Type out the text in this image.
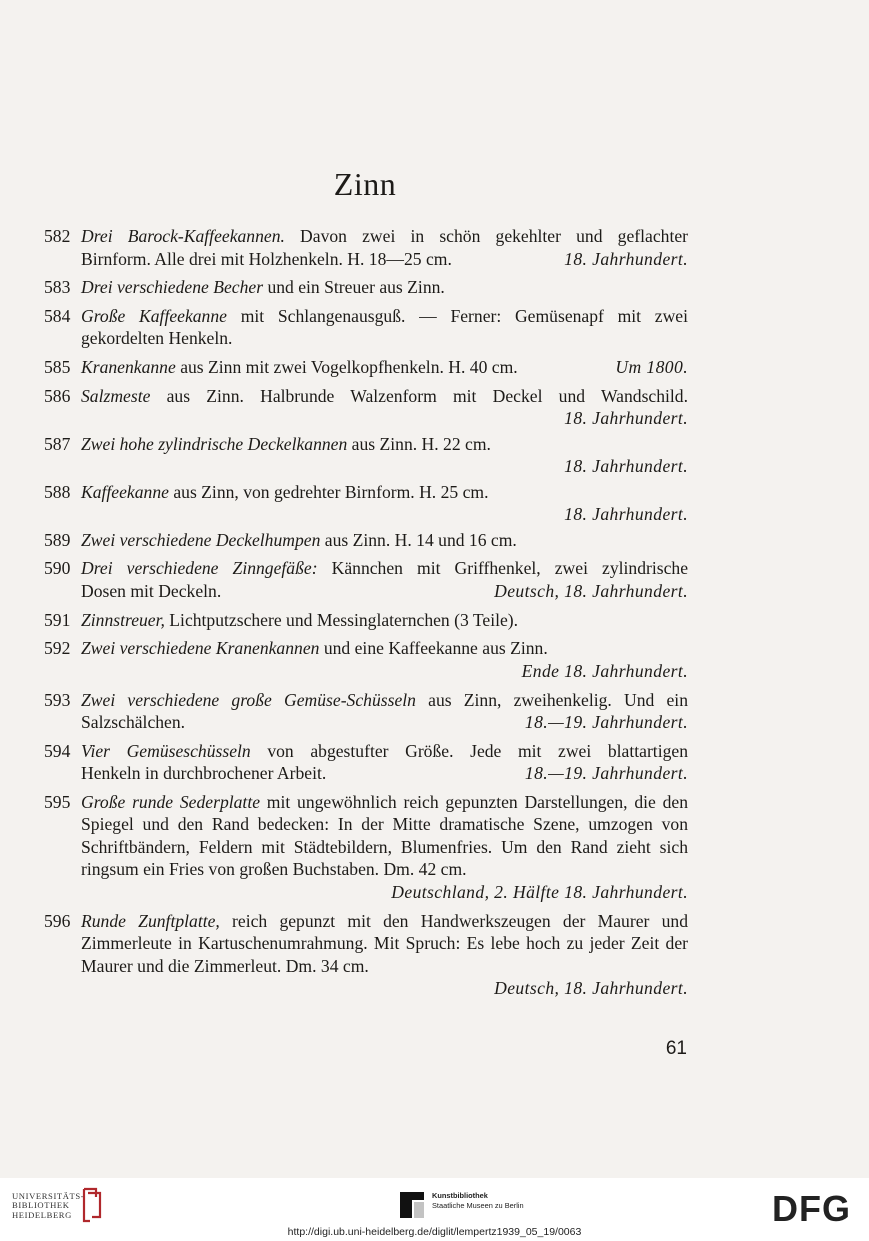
Zinn
582 Drei Barock-Kaffeekannen. Davon zwei in schön gekehlter und geflachter
Birnform. Alle drei mit Holzhenkeln. H. 18—25 cm.	18. Jahrhundert.
583 Drei verschiedene Becher und ein Streuer aus Zinn.
584 Große Kaffeekanne mit Schlangenausguß. — Ferner: Gemüsenapf mit zwei
gekordelten Henkeln.
585 Kranenkanne aus Zinn mit zwei Vogelkopfhenkeln. H. 40 cm.	Um 1800.
586 Salzmeste aus Zinn. Halbrunde Walzenform mit Deckel und Wandschild.
18. Jahrhundert.
587 Zwei hohe zylindrische Deckelkannen aus Zinn. H. 22 cm.
18. Jahrhundert.
588 Kaffeekanne aus Zinn, von gedrehter Birnform. H. 25 cm.
18. Jahrhundert.
589 Zwei verschiedene Deckelhumpen aus Zinn. H. 14 und 16 cm.
590 Drei verschiedene Zinngefäße: Kännchen mit Griffhenkel, zwei zylindrische
Dosen mit Deckeln.	Deutsch, 18. Jahrhundert.
591 Zinnstreuer, Lichtputzschere und Messinglaternchen (3 Teile).
592 Zwei verschiedene Kranenkannen und eine Kaffeekanne aus Zinn.
Ende 18. Jahrhundert.
593 Zwei verschiedene große Gemüse-Schüsseln aus Zinn, zweihenkelig. Und ein
Salzschälchen.	18.—19. Jahrhundert.
594 Vier Gemüseschüsseln von abgestufter Größe. Jede mit zwei blattartigen
Henkeln in durchbrochener Arbeit.	18.—19. Jahrhundert.
595 Große runde Sederplatte mit ungewöhnlich reich gepunzten Darstellungen, die den Spiegel und den Rand bedecken: In der Mitte dramatische Szene, umzogen von Schriftbändern, Feldern mit Städtebildern, Blumenfries. Um den Rand zieht sich ringsum ein Fries von großen Buchstaben. Dm. 42 cm.
Deutschland, 2. Hälfte 18. Jahrhundert.
596 Runde Zunftplatte, reich gepunzt mit den Handwerkszeugen der Maurer und Zimmerleute in Kartuschenumrahmung. Mit Spruch: Es lebe hoch zu jeder Zeit der Maurer und die Zimmerleut. Dm. 34 cm.
Deutsch, 18. Jahrhundert.
61
UNIVERSITÄTS-
BIBLIOTHEK
HEIDELBERG
Kunstbibliothek
Staatliche Museen zu Berlin	DFG
http://digi.ub.uni-heidelberg.de/diglit/lempertz1939_05_19/0063
